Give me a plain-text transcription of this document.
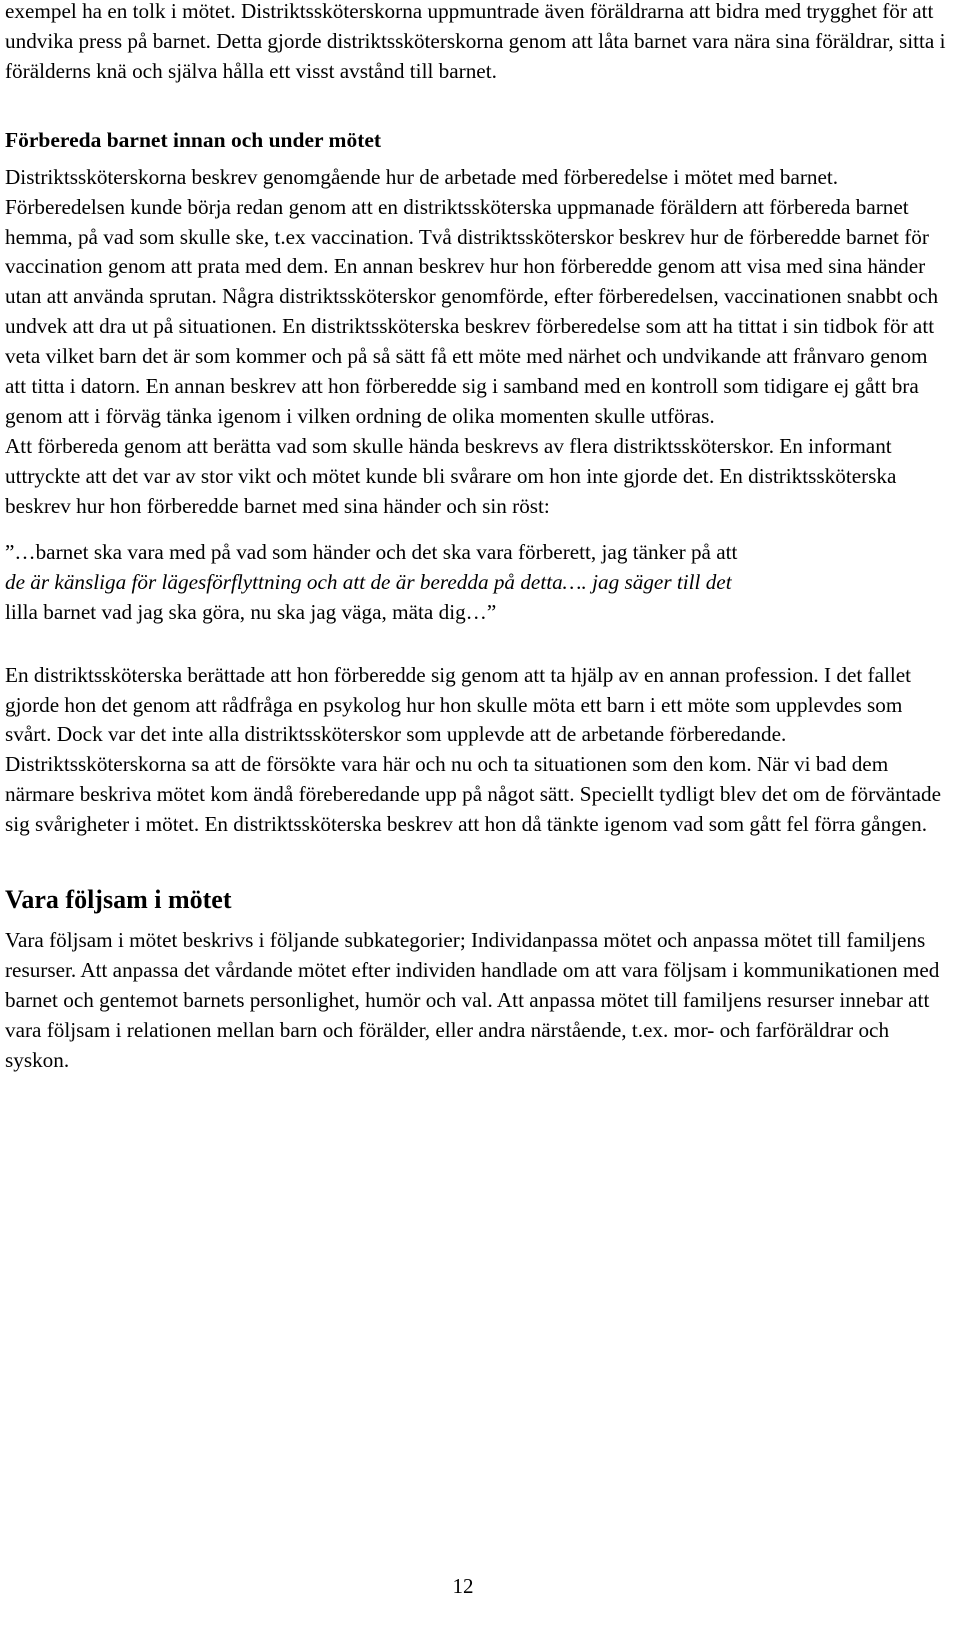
exempel ha en tolk i mötet. Distriktssköterskorna uppmuntrade även föräldrarna att bidra med trygghet för att undvika press på barnet. Detta gjorde distriktssköterskorna genom att låta barnet vara nära sina föräldrar, sitta i förälderns knä och själva hålla ett visst avstånd till barnet.

Förbereda barnet innan och under mötet

Distriktssköterskorna beskrev genomgående hur de arbetade med förberedelse i mötet med barnet. Förberedelsen kunde börja redan genom att en distriktssköterska uppmanade föräldern att förbereda barnet hemma, på vad som skulle ske, t.ex vaccination. Två distriktssköterskor beskrev hur de förberedde barnet för vaccination genom att prata med dem. En annan beskrev hur hon förberedde genom att visa med sina händer utan att använda sprutan. Några distriktssköterskor genomförde, efter förberedelsen, vaccinationen snabbt och undvek att dra ut på situationen. En distriktssköterska beskrev förberedelse som att ha tittat i sin tidbok för att veta vilket barn det är som kommer och på så sätt få ett möte med närhet och undvikande att frånvaro genom att titta i datorn. En annan beskrev att hon förberedde sig i samband med en kontroll som tidigare ej gått bra genom att i förväg tänka igenom i vilken ordning de olika momenten skulle utföras.

Att förbereda genom att berätta vad som skulle hända beskrevs av flera distriktssköterskor. En informant uttryckte att det var av stor vikt och mötet kunde bli svårare om hon inte gjorde det. En distriktssköterska beskrev hur hon förberedde barnet med sina händer och sin röst:

”…barnet ska vara med på vad som händer och det ska vara förberett, jag tänker på att
de är känsliga för lägesförflyttning och att de är beredda på detta…. jag säger till det
lilla barnet vad jag ska göra, nu ska jag väga, mäta dig…”

En distriktssköterska berättade att hon förberedde sig genom att ta hjälp av en annan profession. I det fallet gjorde hon det genom att rådfråga en psykolog hur hon skulle möta ett barn i ett möte som upplevdes som svårt. Dock var det inte alla distriktssköterskor som upplevde att de arbetande förberedande. Distriktssköterskorna sa att de försökte vara här och nu och ta situationen som den kom. När vi bad dem närmare beskriva mötet kom ändå föreberedande upp på något sätt. Speciellt tydligt blev det om de förväntade sig svårigheter i mötet. En distriktssköterska beskrev att hon då tänkte igenom vad som gått fel förra gången.

Vara följsam i mötet

Vara följsam i mötet beskrivs i följande subkategorier; Individanpassa mötet och anpassa mötet till familjens resurser. Att anpassa det vårdande mötet efter individen handlade om att vara följsam i kommunikationen med barnet och gentemot barnets personlighet, humör och val. Att anpassa mötet till familjens resurser innebar att vara följsam i relationen mellan barn och förälder, eller andra närstående, t.ex. mor- och farföräldrar och syskon.

12
